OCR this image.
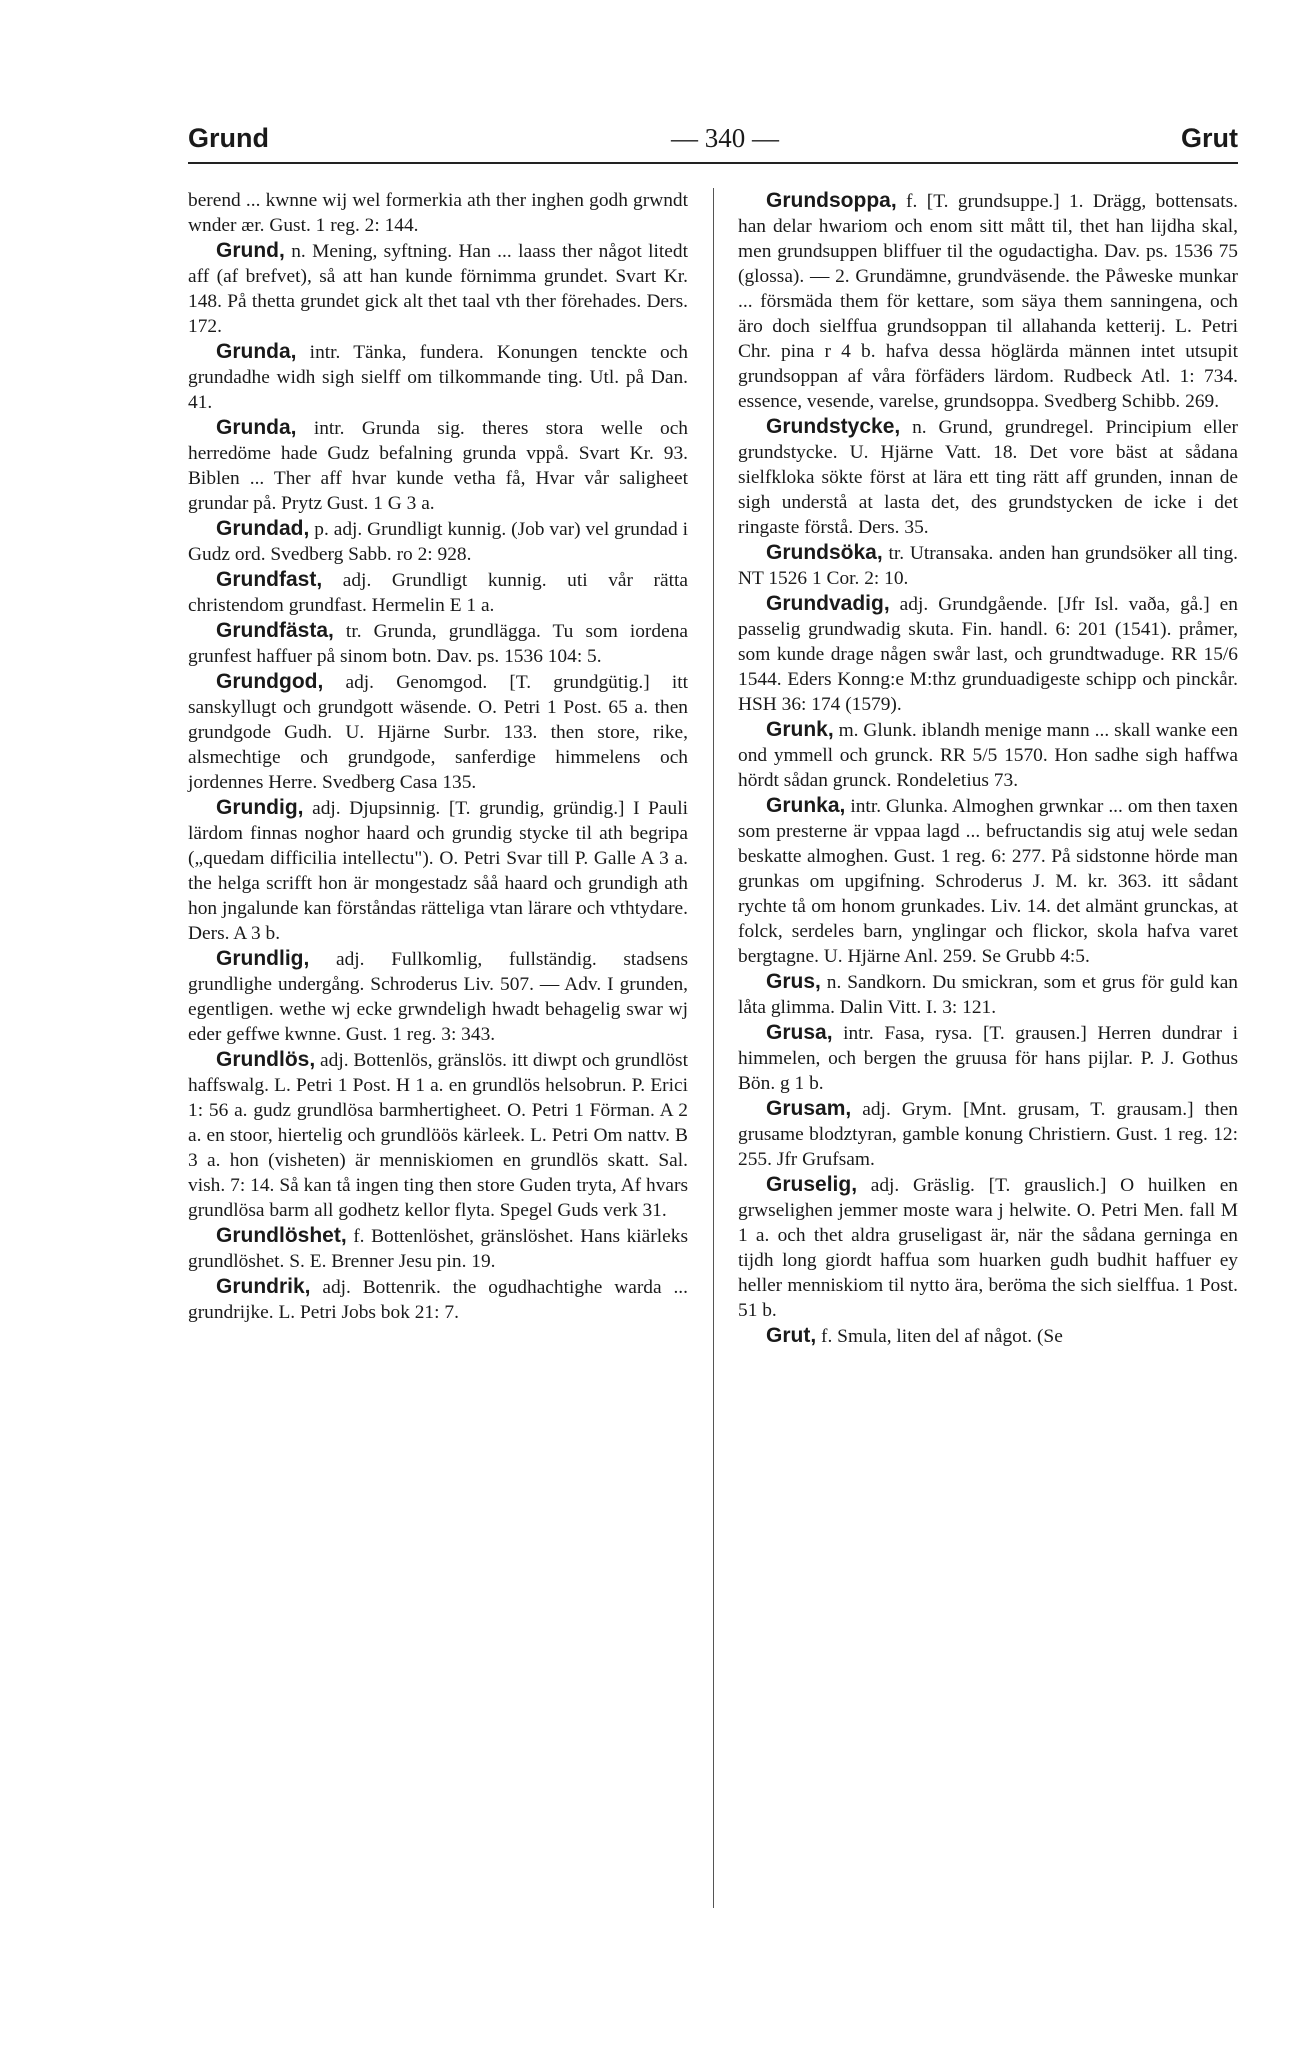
Grund	— 340 —	Grut

berend ... kwnne wij wel formerkia ath ther inghen godh grwndt wnder ær. Gust. 1 reg. 2: 144.

Grund, n. Mening, syftning. Han ... laass ther något litedt aff (af brefvet), så att han kunde förnimma grundet. Svart Kr. 148. På thetta grundet gick alt thet taal vth ther förehades. Ders. 172.

Grunda, intr. Tänka, fundera. Konungen tenckte och grundadhe widh sigh sielff om tilkommande ting. Utl. på Dan. 41.

Grunda, intr. Grunda sig. theres stora welle och herredöme hade Gudz befalning grunda vppå. Svart Kr. 93. Biblen ... Ther aff hvar kunde vetha få, Hvar vår saligheet grundar på. Prytz Gust. 1 G 3 a.

Grundad, p. adj. Grundligt kunnig. (Job var) vel grundad i Gudz ord. Svedberg Sabb. ro 2: 928.

Grundfast, adj. Grundligt kunnig. uti vår rätta christendom grundfast. Hermelin E 1 a.

Grundfästa, tr. Grunda, grundlägga. Tu som iordena grunfest haffuer på sinom botn. Dav. ps. 1536 104: 5.

Grundgod, adj. Genomgod. [T. grundgütig.] itt sanskyllugt och grundgott wäsende. O. Petri 1 Post. 65 a. then grundgode Gudh. U. Hjärne Surbr. 133. then store, rike, alsmechtige och grundgode, sanferdige himmelens och jordennes Herre. Svedberg Casa 135.

Grundig, adj. Djupsinnig. [T. grundig, gründig.] I Pauli lärdom finnas noghor haard och grundig stycke til ath begripa („quedam difficilia intellectu"). O. Petri Svar till P. Galle A 3 a. the helga scrifft hon är mongestadz såå haard och grundigh ath hon jngalunde kan förståndas rätteliga vtan lärare och vthtydare. Ders. A 3 b.

Grundlig, adj. Fullkomlig, fullständig. stadsens grundlighe undergång. Schroderus Liv. 507. — Adv. I grunden, egentligen. wethe wj ecke grwndeligh hwadt behagelig swar wj eder geffwe kwnne. Gust. 1 reg. 3: 343.

Grundlös, adj. Bottenlös, gränslös. itt diwpt och grundlöst haffswalg. L. Petri 1 Post. H 1 a. en grundlös helsobrun. P. Erici 1: 56 a. gudz grundlösa barmhertigheet. O. Petri 1 Förman. A 2 a. en stoor, hiertelig och grundlöös kärleek. L. Petri Om nattv. B 3 a. hon (visheten) är menniskiomen en grundlös skatt. Sal. vish. 7: 14. Så kan tå ingen ting then store Guden tryta, Af hvars grundlösa barm all godhetz kellor flyta. Spegel Guds verk 31.

Grundlöshet, f. Bottenlöshet, gränslöshet. Hans kiärleks grundlöshet. S. E. Brenner Jesu pin. 19.

Grundrik, adj. Bottenrik. the ogudhachtighe warda ... grundrijke. L. Petri Jobs bok 21: 7.

Grundsoppa, f. [T. grundsuppe.] 1. Drägg, bottensats. han delar hwariom och enom sitt mått til, thet han lijdha skal, men grundsuppen bliffuer til the ogudactigha. Dav. ps. 1536 75 (glossa). — 2. Grundämne, grundväsende. the Påweske munkar ... försmäda them för kettare, som säya them sanningena, och äro doch sielffua grundsoppan til allahanda ketterij. L. Petri Chr. pina r 4 b. hafva dessa höglärda männen intet utsupit grundsoppan af våra förfäders lärdom. Rudbeck Atl. 1: 734. essence, vesende, varelse, grundsoppa. Svedberg Schibb. 269.

Grundstycke, n. Grund, grundregel. Principium eller grundstycke. U. Hjärne Vatt. 18. Det vore bäst at sådana sielfkloka sökte först at lära ett ting rätt aff grunden, innan de sigh understå at lasta det, des grundstycken de icke i det ringaste förstå. Ders. 35.

Grundsöka, tr. Utransaka. anden han grundsöker all ting. NT 1526 1 Cor. 2: 10.

Grundvadig, adj. Grundgående. [Jfr Isl. vaða, gå.] en passelig grundwadig skuta. Fin. handl. 6: 201 (1541). pråmer, som kunde drage någen swår last, och grundtwaduge. RR 15/6 1544. Eders Konng:e M:thz grunduadigeste schipp och pinckår. HSH 36: 174 (1579).

Grunk, m. Glunk. iblandh menige mann ... skall wanke een ond ymmell och grunck. RR 5/5 1570. Hon sadhe sigh haffwa hördt sådan grunck. Rondeletius 73.

Grunka, intr. Glunka. Almoghen grwnkar ... om then taxen som presterne är vppaa lagd ... befructandis sig atuj wele sedan beskatte almoghen. Gust. 1 reg. 6: 277. På sidstonne hörde man grunkas om upgifning. Schroderus J. M. kr. 363. itt sådant rychte tå om honom grunkades. Liv. 14. det almänt grunckas, at folck, serdeles barn, ynglingar och flickor, skola hafva varet bergtagne. U. Hjärne Anl. 259. Se Grubb 4:5.

Grus, n. Sandkorn. Du smickran, som et grus för guld kan låta glimma. Dalin Vitt. I. 3: 121.

Grusa, intr. Fasa, rysa. [T. grausen.] Herren dundrar i himmelen, och bergen the gruusa för hans pijlar. P. J. Gothus Bön. g 1 b.

Grusam, adj. Grym. [Mnt. grusam, T. grausam.] then grusame blodztyran, gamble konung Christiern. Gust. 1 reg. 12: 255. Jfr Grufsam.

Gruselig, adj. Gräslig. [T. grauslich.] O huilken en grwselighen jemmer moste wara j helwite. O. Petri Men. fall M 1 a. och thet aldra gruseligast är, när the sådana gerninga en tijdh long giordt haffua som huarken gudh budhit haffuer ey heller menniskiom til nytto ära, beröma the sich sielffua. 1 Post. 51 b.

Grut, f. Smula, liten del af något. (Se
